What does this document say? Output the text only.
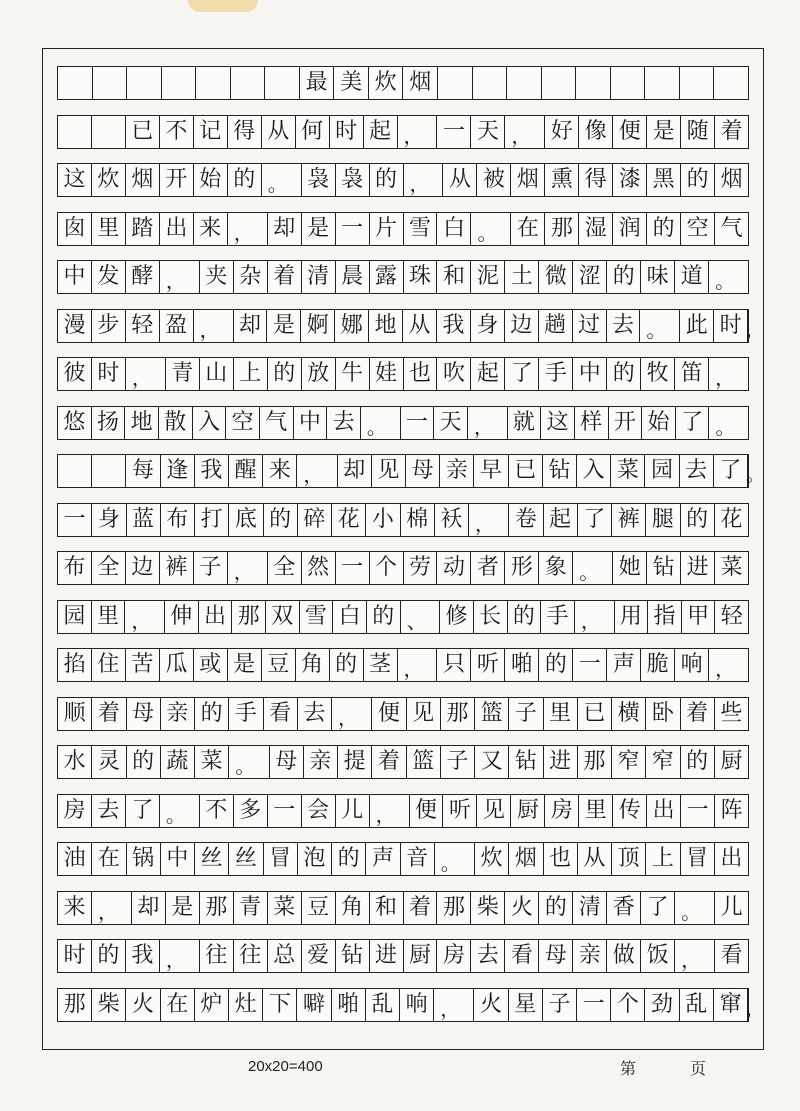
最 美 炊 烟
已 不 记 得 从 何 时 起 ， 一 天 ， 好 像 便 是 随 着
这 炊 烟 开 始 的 。 袅 袅 的 ， 从 被 烟 熏 得 漆 黑 的 烟
囱 里 踏 出 来 ， 却 是 一 片 雪 白 。 在 那 湿 润 的 空 气
中 发 酵 ， 夹 杂 着 清 晨 露 珠 和 泥 土 微 涩 的 味 道 。
漫 步 轻 盈 ， 却 是 婀 娜 地 从 我 身 边 趟 过 去 。 此 时 ，
彼 时 ， 青 山 上 的 放 牛 娃 也 吹 起 了 手 中 的 牧 笛 ，
悠 扬 地 散 入 空 气 中 去 。 一 天 ， 就 这 样 开 始 了 。
每 逢 我 醒 来 ， 却 见 母 亲 早 已 钻 入 菜 园 去 了 。
一 身 蓝 布 打 底 的 碎 花 小 棉 袄 ， 卷 起 了 裤 腿 的 花
布 全 边 裤 子 ， 全 然 一 个 劳 动 者 形 象 。 她 钻 进 菜
园 里 ， 伸 出 那 双 雪 白 的 、 修 长 的 手 ， 用 指 甲 轻
掐 住 苦 瓜 或 是 豆 角 的 茎 ， 只 听 啪 的 一 声 脆 响 ，
顺 着 母 亲 的 手 看 去 ， 便 见 那 篮 子 里 已 横 卧 着 些
水 灵 的 蔬 菜 。 母 亲 提 着 篮 子 又 钻 进 那 窄 窄 的 厨
房 去 了 。 不 多 一 会 儿 ， 便 听 见 厨 房 里 传 出 一 阵
油 在 锅 中 丝 丝 冒 泡 的 声 音 。 炊 烟 也 从 顶 上 冒 出
来 ， 却 是 那 青 菜 豆 角 和 着 那 柴 火 的 清 香 了 。 儿
时 的 我 ， 往 往 总 爱 钻 进 厨 房 去 看 母 亲 做 饭 ， 看
那 柴 火 在 炉 灶 下 噼 啪 乱 响 ， 火 星 子 一 个 劲 乱 窜 ，
20x20=400	第	页
